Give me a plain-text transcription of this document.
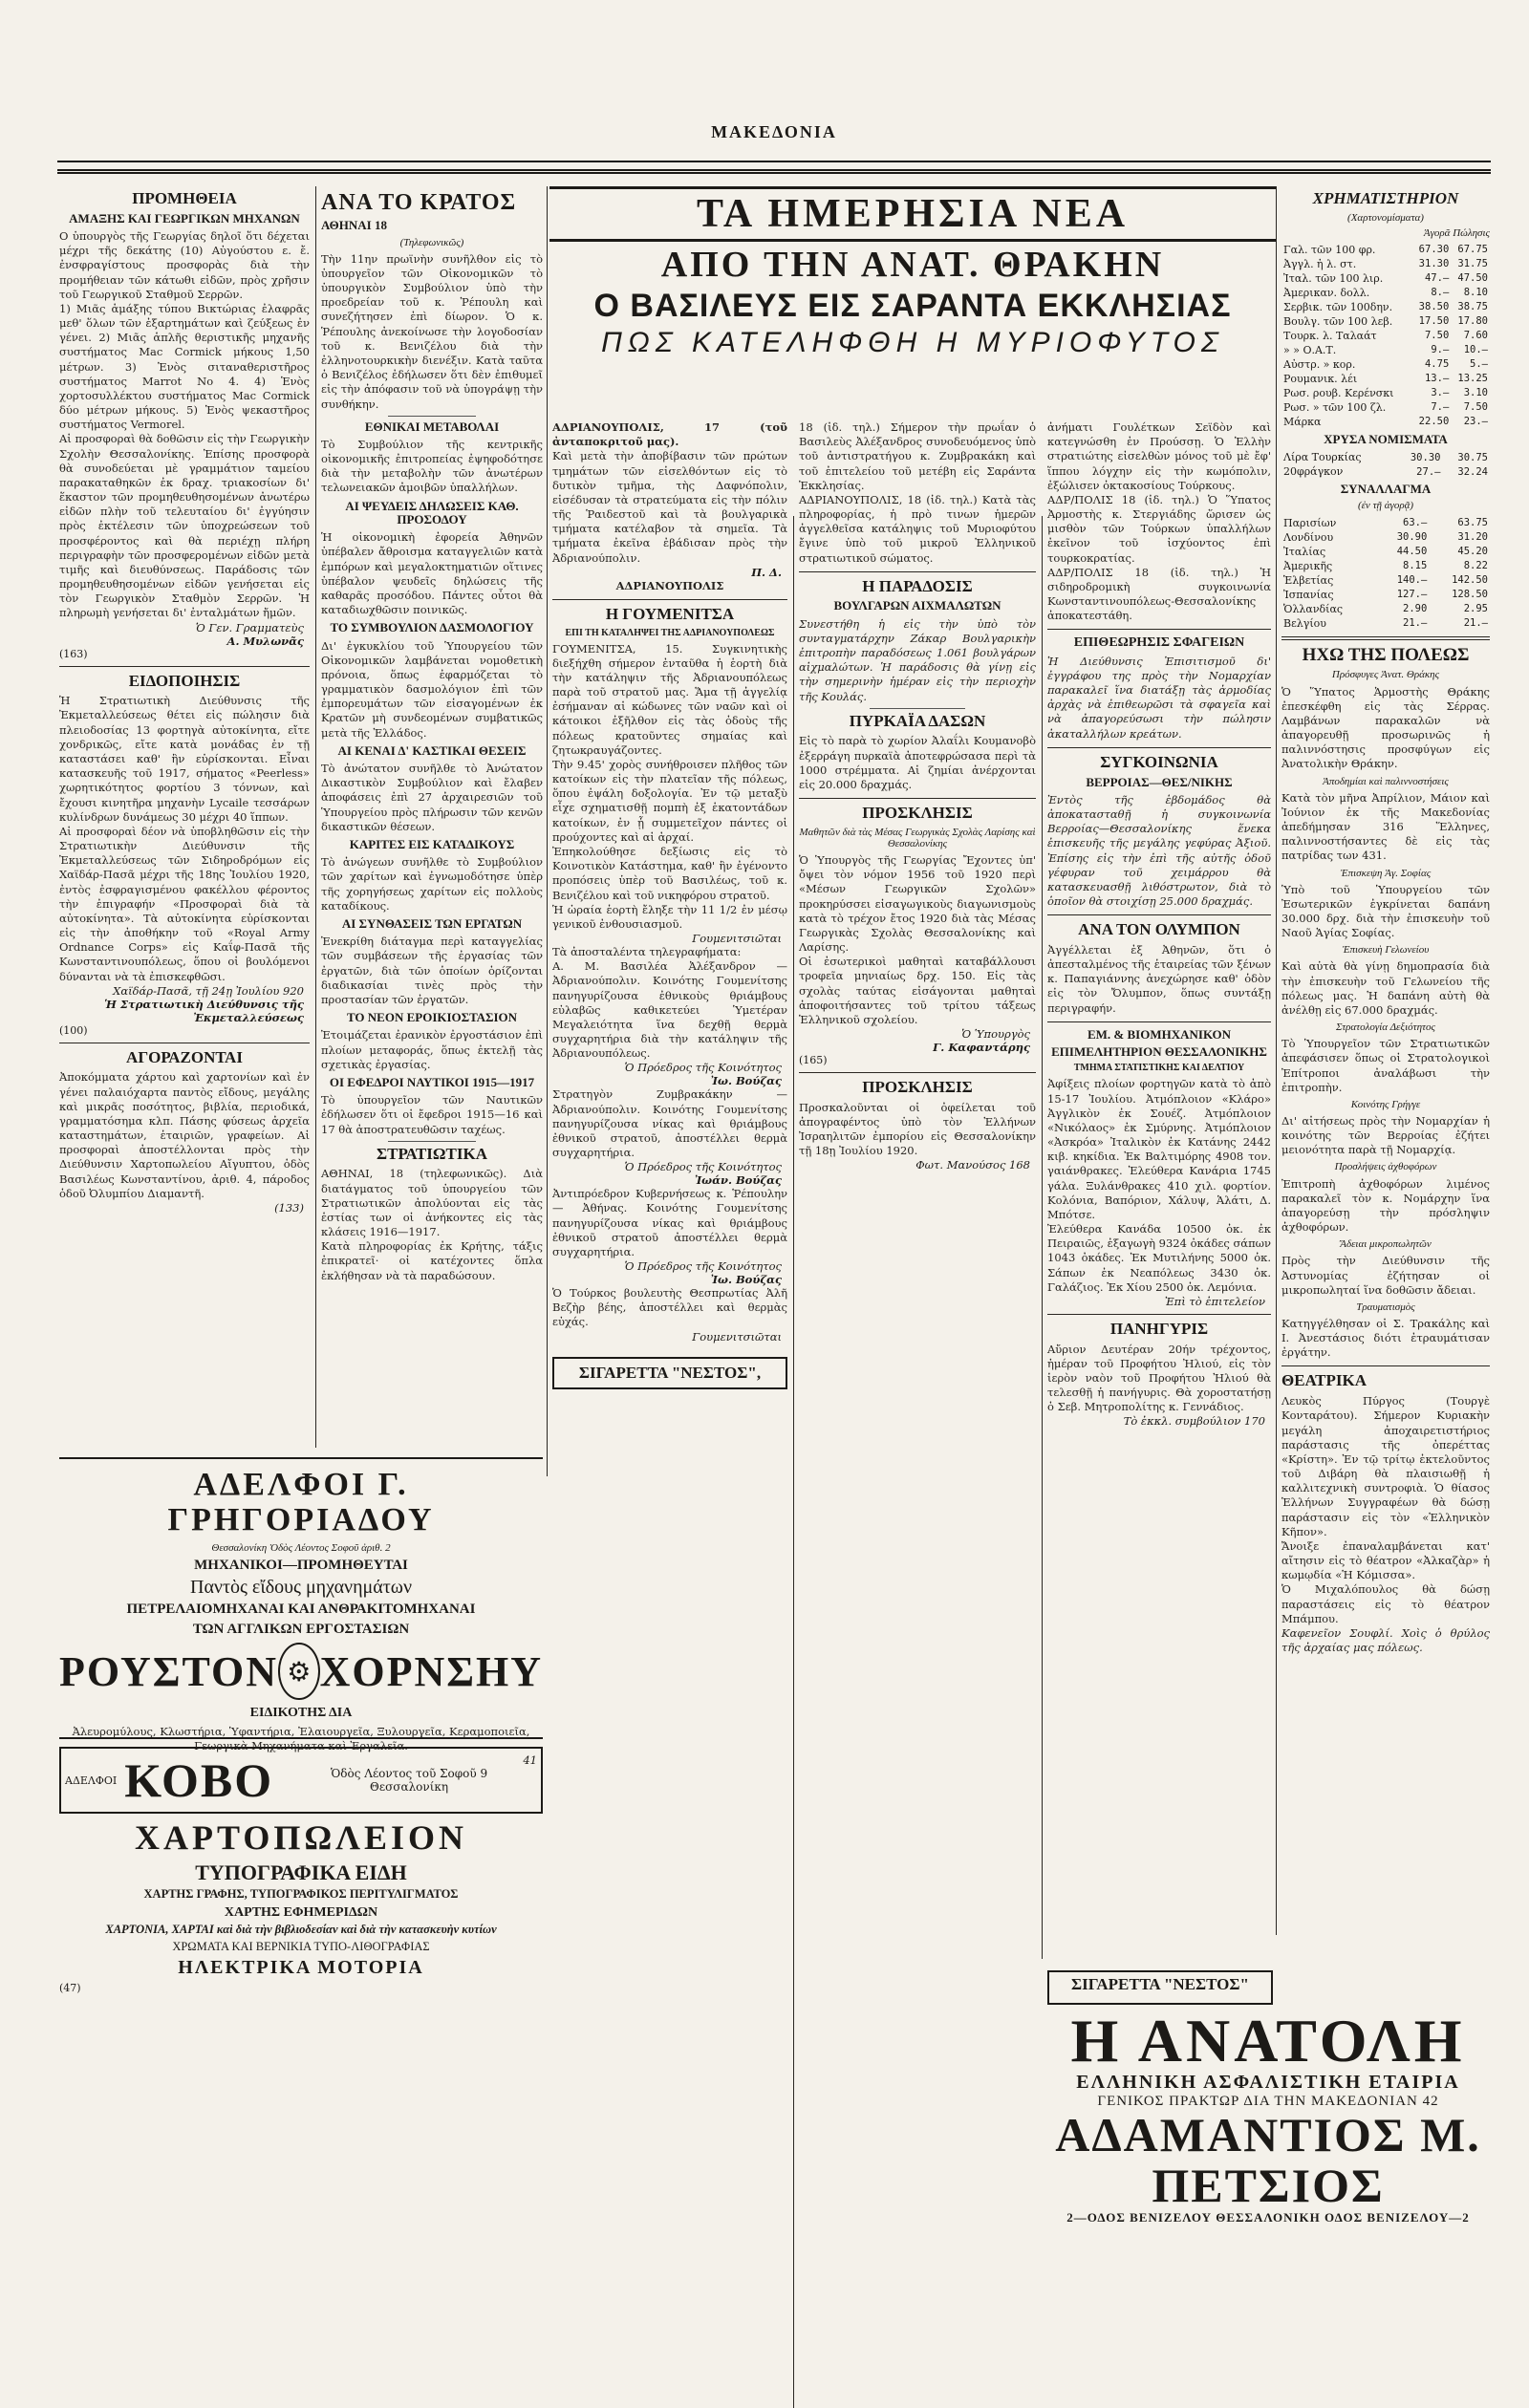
ΜΑΚΕΔΟΝΙΑ
ΠΡΟΜΗΘΕΙΑ
ΑΜΑΞΗΣ ΚΑΙ ΓΕΩΡΓΙΚΩΝ ΜΗΧΑΝΩΝ
Ο ὑπουργὸς τῆς Γεωργίας δηλοῖ ὅτι δέχεται μέχρι τῆς δεκάτης (10) Αὐγούστου ε. ἔ. ἐνσφραγίστους προσφορὰς διὰ τὴν προμήθειαν τῶν κάτωθι εἰδῶν, πρὸς χρῆσιν τοῦ Γεωργικοῦ Σταθμοῦ Σερρῶν.
1) Μιᾶς ἁμάξης τύπου Βικτώριας ἐλαφρᾶς μεθ' ὅλων τῶν ἐξαρτημάτων καὶ ζεύξεως ἐν γένει. 2) Μιᾶς ἁπλῆς θεριστικῆς μηχανῆς συστήματος Mac Cormick μήκους 1,50 μέτρων. 3) Ἑνὸς σιταναθεριστῆρος συστήματος Marrot No 4. 4) Ἑνὸς χορτοσυλλέκτου συστήματος Mac Cormick δύο μέτρων μήκους. 5) Ἑνὸς ψεκαστῆρος συστήματος Vermorel.
Αἱ προσφοραὶ θὰ δοθῶσιν εἰς τὴν Γεωργικὴν Σχολὴν Θεσσαλονίκης. Ἐπίσης προσφορὰ θὰ συνοδεύεται μὲ γραμμάτιον ταμείου παρακαταθηκῶν ἐκ δραχ. τριακοσίων δι' ἕκαστον τῶν προμηθευθησομένων ἀνωτέρω εἰδῶν πλὴν τοῦ τελευταίου δι' ἐγγύησιν πρὸς ἐκτέλεσιν τῶν ὑποχρεώσεων τοῦ προσφέροντος καὶ θὰ περιέχῃ πλήρη περιγραφὴν τῶν προσφερομένων εἰδῶν μετὰ τιμῆς καὶ διευθύνσεως. Παράδοσις τῶν προμηθευθησομένων εἰδῶν γενήσεται εἰς τὸν Γεωργικὸν Σταθμὸν Σερρῶν. Ἡ πληρωμὴ γενήσεται δι' ἐνταλμάτων ἤμῶν.
Ὁ Γεν. Γραμματεὺς
Α. Μυλωνᾶς
(163)
ΕΙΔΟΠΟΙΗΣΙΣ
Ἡ Στρατιωτικὴ Διεύθυνσις τῆς Ἐκμεταλλεύσεως θέτει εἰς πώλησιν διὰ πλειοδοσίας 13 φορτηγὰ αὐτοκίνητα, εἴτε χονδρικῶς, εἴτε κατὰ μονάδας ἐν τῇ καταστάσει καθ' ἣν εὑρίσκονται. Εἶναι κατασκευῆς τοῦ 1917, σήματος «Peerless» χωρητικότητος φορτίου 3 τόννων, καὶ ἔχουσι κινητῆρα μηχανὴν Lycaile τεσσάρων κυλίνδρων δυνάμεως 30 μέχρι 40 ἵππων.
Αἱ προσφοραὶ δέον νὰ ὑποβληθῶσιν εἰς τὴν Στρατιωτικὴν Διεύθυνσιν τῆς Ἐκμεταλλεύσεως τῶν Σιδηροδρόμων εἰς Χαϊδάρ-Πασᾶ μέχρι τῆς 18ης Ἰουλίου 1920, ἐντὸς ἐσφραγισμένου φακέλλου φέροντος τὴν ἐπιγραφήν «Προσφοραὶ διὰ τὰ αὐτοκίνητα». Τὰ αὐτοκίνητα εὑρίσκονται εἰς τὴν ἀποθήκην τοῦ «Royal Army Ordnance Corps» εἰς Καΐφ-Πασᾶ τῆς Κωνσταντινουπόλεως, ὅπου οἱ βουλόμενοι δύνανται νὰ τὰ ἐπισκεφθῶσι.
Χαϊδάρ-Πασᾶ, τῇ 24ῃ Ἰουλίου 920
Ἡ Στρατιωτικὴ Διεύθυνσις τῆς Ἐκμεταλλεύσεως
(100)
ΑΓΟΡΑΖΟΝΤΑΙ
Ἀποκόμματα χάρτου καὶ χαρτονίων καὶ ἐν γένει παλαιόχαρτα παντὸς εἴδους, μεγάλης καὶ μικρᾶς ποσότητος, βιβλία, περιοδικά, γραμματόσημα κλπ. Πάσης φύσεως ἀρχεῖα καταστημάτων, ἑταιριῶν, γραφείων. Αἱ προσφοραὶ ἀποστέλλονται πρὸς τὴν Διεύθυνσιν Χαρτοπωλείου Αἴγυπτου, ὁδὸς Βασιλέως Κωνσταντίνου, ἀριθ. 4, πάροδος ὁδοῦ Ὀλυμπίου Διαμαντῆ.
(133)
ΑΝΑ ΤΟ ΚΡΑΤΟΣ
ΑΘΗΝΑΙ 18
(Τηλεφωνικῶς)
Τὴν 11ην πρωϊνὴν συνῆλθον εἰς τὸ ὑπουργεῖον τῶν Οἰκονομικῶν τὸ ὑπουργικὸν Συμβούλιον ὑπὸ τὴν προεδρείαν τοῦ κ. Ῥέπουλη καὶ συνεζήτησεν ἐπὶ δίωρον. Ὁ κ. Ῥέπουλης ἀνεκοίνωσε τὴν λογοδοσίαν τοῦ κ. Βενιζέλου διὰ τὴν ἐλληνοτουρκικὴν διενέξιν. Κατὰ ταῦτα ὁ Βενιζέλος ἐδήλωσεν ὅτι δὲν ἐπιθυμεῖ εἰς τὴν ἀπόφασιν τοῦ νὰ ὑπογράψῃ τὴν συνθήκην.
ΕΘΝΙΚΑΙ ΜΕΤΑΒΟΛΑΙ
Τὸ Συμβούλιον τῆς κεντρικῆς οἰκονομικῆς ἐπιτροπείας ἐψηφοδότησε διὰ τὴν μεταβολὴν τῶν ἀνωτέρων τελωνειακῶν ἀμοιβῶν ὑπαλλήλων.
ΑΙ ΨΕΥΔΕΙΣ ΔΗΛΩΣΕΙΣ ΚΑΘ. ΠΡΟΣΟΔΟΥ
Ἡ οἰκονομικὴ ἐφορεία Ἀθηνῶν ὑπέβαλεν ἄθροισμα καταγγελιῶν κατὰ ἐμπόρων καὶ μεγαλοκτηματιῶν οἵτινες ὑπέβαλον ψευδεῖς δηλώσεις τῆς καθαρᾶς προσόδου. Πάντες οὗτοι θὰ καταδιωχθῶσιν ποινικῶς.
ΤΟ ΣΥΜΒΟΥΛΙΟΝ ΔΑΣΜΟΛΟΓΙΟΥ
Δι' ἐγκυκλίου τοῦ Ὑπουργείου τῶν Οἰκονομικῶν λαμβάνεται νομοθετικὴ πρόνοια, ὅπως ἐφαρμόζεται τὸ γραμματικὸν δασμολόγιον ἐπὶ τῶν ἐμπορευμάτων τῶν εἰσαγομένων ἐκ Κρατῶν μὴ συνδεομένων συμβατικῶς μετὰ τῆς Ἑλλάδος.
ΑΙ ΚΕΝΑΙ Δ' ΚΑΣΤΙΚΑΙ ΘΕΣΕΙΣ
Τὸ ἀνώτατον συνῆλθε τὸ Ἀνώτατον Δικαστικὸν Συμβούλιον καὶ ἔλαβεν ἀποφάσεις ἐπὶ 27 ἀρχαιρεσιῶν τοῦ Ὑπουργείου πρὸς πλήρωσιν τῶν κενῶν δικαστικῶν θέσεων.
ΚΑΡΙΤΕΣ ΕΙΣ ΚΑΤΑΔΙΚΟΥΣ
Τὸ ἀνώγεων συνῆλθε τὸ Συμβούλιον τῶν χαρίτων καὶ ἐγνωμοδότησε ὑπὲρ τῆς χορηγήσεως χαρίτων εἰς πολλοὺς καταδίκους.
ΑΙ ΣΥΝΘΑΣΕΙΣ ΤΩΝ ΕΡΓΑΤΩΝ
Ἐνεκρίθη διάταγμα περὶ καταγγελίας τῶν συμβάσεων τῆς ἐργασίας τῶν ἐργατῶν, διὰ τῶν ὁποίων ὁρίζονται διαδικασίαι τινὲς πρὸς τὴν προστασίαν τῶν ἐργατῶν.
ΤΟ ΝΕΟΝ ΕΡΟΙΚΙΟΣΤΑΣΙΟΝ
Ἐτοιμάζεται ἐρανικὸν ἐργοστάσιον ἐπὶ πλοίων μεταφοράς, ὅπως ἐκτελῇ τὰς σχετικὰς ἐργασίας.
ΟΙ ΕΦΕΔΡΟΙ ΝΑΥΤΙΚΟΙ 1915—1917
Τὸ ὑπουργεῖον τῶν Ναυτικῶν ἐδήλωσεν ὅτι οἱ ἔφεδροι 1915—16 καὶ 17 θὰ ἀποστρατευθῶσιν ταχέως.
ΣΤΡΑΤΙΩΤΙΚΑ
ΑΘΗΝΑΙ, 18 (τηλεφωνικῶς). Διὰ διατάγματος τοῦ ὑπουργείου τῶν Στρατιωτικῶν ἀπολύονται εἰς τὰς ἑστίας των οἱ ἀνήκοντες εἰς τὰς κλάσεις 1916—1917.
Κατὰ πληροφορίας ἐκ Κρήτης, τάξις ἐπικρατεῖ· οἱ κατέχοντες ὅπλα ἐκλήθησαν νὰ τὰ παραδώσουν.
ΤΑ ΗΜΕΡΗΣΙΑ ΝΕΑ
ΑΠΟ ΤΗΝ ΑΝΑΤ. ΘΡΑΚΗΝ
Ο ΒΑΣΙΛΕΥΣ ΕΙΣ ΣΑΡΑΝΤΑ ΕΚΚΛΗΣΙΑΣ
ΠΩΣ ΚΑΤΕΛΗΦΘΗ Η ΜΥΡΙΟΦΥΤΟΣ
ΑΔΡΙΑΝΟΥΠΟΛΙΣ, 17 (τοῦ ἀνταποκριτοῦ μας).
Καὶ μετὰ τὴν ἀποβίβασιν τῶν πρώτων τμημάτων τῶν εἰσελθόντων εἰς τὸ δυτικὸν τμῆμα, τὴς Δαφνόπολιν, εἰσέδυσαν τὰ στρατεύματα εἰς τὴν πόλιν τῆς Ῥαιδεστοῦ καὶ τὰ βουλγαρικὰ τμήματα κατέλαβον τὰ σημεῖα. Τὰ τμήματα ἐκεῖνα ἐβάδισαν πρὸς τὴν Ἀδριανούπολιν.
Π. Δ.
ΑΔΡΙΑΝΟΥΠΟΛΙΣ
Η ΓΟΥΜΕΝΙΤΣΑ
ΕΠΙ ΤΗ ΚΑΤΑΛΗΨΕΙ ΤΗΣ ΑΔΡΙΑΝΟΥΠΟΛΕΩΣ
ΓΟΥΜΕΝΙΤΣΑ, 15. Συγκινητικὴς διεξήχθη σήμερον ἐνταῦθα ἡ ἑορτὴ διὰ τὴν κατάληψιν τῆς Ἀδριανουπόλεως παρὰ τοῦ στρατοῦ μας. Ἅμα τῇ ἀγγελίᾳ ἐσήμαναν αἱ κώδωνες τῶν ναῶν καὶ οἱ κάτοικοι ἐξῆλθον εἰς τὰς ὁδοὺς τῆς πόλεως κρατοῦντες σημαίας καὶ ζητωκραυγάζοντες.
Τὴν 9.45' χορὸς συνήθροισεν πλῆθος τῶν κατοίκων εἰς τὴν πλατεῖαν τῆς πόλεως, ὅπου ἐψάλη δοξολογία. Ἐν τῷ μεταξὺ εἶχε σχηματισθῇ πομπὴ ἐξ ἑκατοντάδων κατοίκων, ἐν ᾗ συμμετεῖχον πάντες οἱ προύχοντες καὶ αἱ ἀρχαί.
Ἐπηκολούθησε δεξίωσις εἰς τὸ Κοινοτικὸν Κατάστημα, καθ' ἣν ἐγένοντο προπόσεις ὑπὲρ τοῦ Βασιλέως, τοῦ κ. Βενιζέλου καὶ τοῦ νικηφόρου στρατοῦ.
Ἡ ὡραία ἑορτὴ ἔληξε τὴν 11 1/2 ἐν μέσῳ γενικοῦ ἐνθουσιασμοῦ.
Γουμενιτσιῶται
Τὰ ἀποσταλέντα τηλεγραφήματα:
Α. Μ. Βασιλέα Ἀλέξανδρον — Ἀδριανούπολιν. Κοινότης Γουμενίτσης πανηγυρίζουσα ἐθνικοὺς θριάμβους εὐλαβῶς καθικετεύει Ὑμετέραν Μεγαλειότητα ἵνα δεχθῇ θερμὰ συγχαρητήρια διὰ τὴν κατάληψιν τῆς Ἀδριανουπόλεως.
Ὁ Πρόεδρος τῆς Κοινότητος
Ἰω. Βούζας
Στρατηγὸν Ζυμβρακάκην — Ἀδριανούπολιν. Κοινότης Γουμενίτσης πανηγυρίζουσα νίκας καὶ θριάμβους ἐθνικοῦ στρατοῦ, ἀποστέλλει θερμὰ συγχαρητήρια.
Ὁ Πρόεδρος τῆς Κοινότητος
Ἰωάν. Βούζας
Ἀντιπρόεδρον Κυβερνήσεως κ. Ῥέπουλην — Ἀθήνας. Κοινότης Γουμενίτσης πανηγυρίζουσα νίκας καὶ θριάμβους ἐθνικοῦ στρατοῦ ἀποστέλλει θερμὰ συγχαρητήρια.
Ὁ Πρόεδρος τῆς Κοινότητος
Ἰω. Βούζας
Ὁ Τούρκος βουλευτὴς Θεσπρωτίας Ἀλῆ Βεζὴρ βέης, ἀποστέλλει καὶ θερμὰς εὐχάς.
Γουμενιτσιῶται
ΣΙΓΑΡΕΤΤΑ "ΝΕΣΤΟΣ",
18 (ἰδ. τηλ.) Σήμερον τὴν πρωΐαν ὁ Βασιλεὺς Ἀλέξανδρος συνοδευόμενος ὑπὸ τοῦ ἀντιστρατήγου κ. Ζυμβρακάκη καὶ τοῦ ἐπιτελείου τοῦ μετέβη εἰς Σαράντα Ἐκκλησίας.
ΑΔΡΙΑΝΟΥΠΟΛΙΣ, 18 (ἰδ. τηλ.) Κατὰ τὰς πληροφορίας, ἡ πρὸ τινων ἡμερῶν ἀγγελθεῖσα κατάληψις τοῦ Μυριοφύτου ἔγινε ὑπὸ τοῦ μικροῦ Ἑλληνικοῦ στρατιωτικοῦ σώματος.
Η ΠΑΡΑΔΟΣΙΣ
ΒΟΥΛΓΑΡΩΝ ΑΙΧΜΑΛΩΤΩΝ
Συνεστήθη ἡ εἰς τὴν ὑπὸ τὸν συνταγματάρχην Ζάκαρ Βουλγαρικὴν ἐπιτροπὴν παραδόσεως 1.061 βουλγάρων αἰχμαλώτων. Ἡ παράδοσις θὰ γίνῃ εἰς τὴν σημερινὴν ἡμέραν εἰς τὴν περιοχὴν τῆς Κουλάς.
ΠΥΡΚΑΪΑ ΔΑΣΩΝ
Εἰς τὸ παρὰ τὸ χωρίον Ἀλαΐλι Κουμανοβὸ ἐξερράγη πυρκαϊὰ ἀποτεφρώσασα περὶ τὰ 1000 στρέμματα. Αἱ ζημίαι ἀνέρχονται εἰς 20.000 δραχμάς.
ΠΡΟΣΚΛΗΣΙΣ
Μαθητῶν διὰ τὰς Μέσας Γεωργικὰς Σχολὰς Λαρίσης καὶ Θεσσαλονίκης
Ὁ Ὑπουργὸς τῆς Γεωργίας Ἔχοντες ὑπ' ὄψει τὸν νόμον 1956 τοῦ 1920 περὶ «Μέσων Γεωργικῶν Σχολῶν» προκηρύσσει εἰσαγωγικοὺς διαγωνισμοὺς κατὰ τὸ τρέχον ἔτος 1920 διὰ τὰς Μέσας Γεωργικὰς Σχολὰς Θεσσαλονίκης καὶ Λαρίσης.
Οἱ ἐσωτερικοὶ μαθηταὶ καταβάλλουσι τροφεῖα μηνιαίως δρχ. 150. Εἰς τὰς σχολὰς ταύτας εἰσάγονται μαθηταὶ ἀποφοιτήσαντες τοῦ τρίτου τάξεως Ἑλληνικοῦ σχολείου.
Ὁ Ὑπουργὸς
Γ. Καφαντάρης
(165)
ΠΡΟΣΚΛΗΣΙΣ
Προσκαλοῦνται οἱ ὀφείλεται τοῦ ἀπογραφέντος ὑπὸ τὸν Ἑλλήνων Ἰσραηλιτῶν ἐμπορίου εἰς Θεσσαλονίκην τῇ 18ῃ Ἰουλίου 1920.
Φωτ. Μανούσος 168
ἀνήματι Γουλέτκων Σεϊδὸν καὶ κατεγνώσθη ἐν Προύσσῃ. Ὁ Ἑλλὴν στρατιώτης εἰσελθὼν μόνος τοῦ μὲ ἔφ' ἵππου λόγχην εἰς τὴν κωμόπολιν, ἐξώλισεν ὀκτακοσίους Τούρκους.
ΑΔΡ/ΠΟΛΙΣ 18 (ἰδ. τηλ.) Ὁ Ὕπατος Ἀρμοστὴς κ. Στεργιάδης ὥρισεν ὡς μισθὸν τῶν Τούρκων ὑπαλλήλων ἐκεῖνον τοῦ ἰσχύοντος ἐπὶ τουρκοκρατίας.
ΑΔΡ/ΠΟΛΙΣ 18 (ἰδ. τηλ.) Ἡ σιδηροδρομικὴ συγκοινωνία Κωνσταντινουπόλεως-Θεσσαλονίκης ἀποκατεστάθη.
ΕΠΙΘΕΩΡΗΣΙΣ ΣΦΑΓΕΙΩΝ
Ἡ Διεύθυνσις Ἐπισιτισμοῦ δι' ἐγγράφου της πρὸς τὴν Νομαρχίαν παρακαλεῖ ἵνα διατάξῃ τὰς ἁρμοδίας ἀρχὰς νὰ ἐπιθεωρῶσι τὰ σφαγεῖα καὶ νὰ ἀπαγορεύσωσι τὴν πώλησιν ἀκαταλλήλων κρεάτων.
ΣΥΓΚΟΙΝΩΝΙΑ
ΒΕΡΡΟΙΑΣ—ΘΕΣ/ΝΙΚΗΣ
Ἐντὸς τῆς ἑβδομάδος θὰ ἀποκατασταθῇ ἡ συγκοινωνία Βερροίας—Θεσσαλονίκης ἕνεκα ἐπισκευῆς τῆς μεγάλης γεφύρας Ἀξιοῦ. Ἐπίσης εἰς τὴν ἐπὶ τῆς αὐτῆς ὁδοῦ γέφυραν τοῦ χειμάρρου θὰ κατασκευασθῇ λιθόστρωτον, διὰ τὸ ὁποῖον θὰ στοιχίσῃ 25.000 δραχμάς.
ΑΝΑ ΤΟΝ ΟΛΥΜΠΟΝ
Ἀγγέλλεται ἐξ Ἀθηνῶν, ὅτι ὁ ἀπεσταλμένος τῆς ἑταιρείας τῶν ξένων κ. Παπαγιάννης ἀνεχώρησε καθ' ὁδὸν εἰς τὸν Ὄλυμπον, ὅπως συντάξῃ περιγραφήν.
ΕΜ. & ΒΙΟΜΗΧΑΝΙΚΟΝ
ΕΠΙΜΕΛΗΤΗΡΙΟΝ ΘΕΣΣΑΛΟΝΙΚΗΣ
ΤΜΗΜΑ ΣΤΑΤΙΣΤΙΚΗΣ ΚΑΙ ΔΕΛΤΙΟΥ
Ἀφίξεις πλοίων φορτηγῶν κατὰ τὸ ἀπὸ 15-17 Ἰουλίου. Ἀτμόπλοιον «Κλάρο» Ἀγγλικὸν ἐκ Σουέζ. Ἀτμόπλοιον «Νικόλαος» ἐκ Σμύρνης. Ἀτμόπλοιον «Ἀσκρόα» Ἰταλικὸν ἐκ Κατάνης 2442 κιβ. κηκίδια. Ἐκ Βαλτιμόρης 4908 τον. γαιάνθρακες. Ἐλεύθερα Κανάρια 1745 γάλα. Ξυλάνθρακες 410 χιλ. φορτίον. Κολόνια, Βαπόριον, Χάλυψ, Ἁλάτι, Δ. Μπότσε.
Ἐλεύθερα Κανάδα 10500 ὀκ. ἐκ Πειραιῶς, ἐξαγωγὴ 9324 ὀκάδες σάπων 1043 ὀκάδες. Ἐκ Μυτιλήνης 5000 ὀκ. Σάπων ἐκ Νεαπόλεως 3430 ὀκ. Γαλάζιος. Ἐκ Χίου 2500 ὀκ. Λεμόνια.
Ἐπὶ τὸ ἐπιτελείον
ΠΑΝΗΓΥΡΙΣ
Αὔριον Δευτέραν 20ήν τρέχοντος, ἡμέραν τοῦ Προφήτου Ἠλιού, εἰς τὸν ἱερὸν ναὸν τοῦ Προφήτου Ἠλιού θὰ τελεσθῇ ἡ πανήγυρις. Θὰ χοροστατήσῃ ὁ Σεβ. Μητροπολίτης κ. Γεννάδιος.
Τὸ ἐκκλ. συμβούλιον 170
ΧΡΗΜΑΤΙΣΤΗΡΙΟΝ
(Χαρτονομίσματα)
Ἀγορᾶ Πώλησις
Γαλ. τῶν 100 φρ.	67.30	67.75
Ἀγγλ. ἡ λ. στ.	31.30	31.75
Ἰταλ. τῶν 100 λιρ.	47.—	47.50
Ἀμερικαν. δολλ.	8.—	8.10
Σερβικ. τῶν 100δην.	38.50	38.75
Βουλγ. τῶν 100 λεβ.	17.50	17.80
Τουρκ. λ. Ταλαάτ	7.50	7.60
» » Ο.Α.Τ.	9.—	10.—
Αὐστρ. » κορ.	4.75	5.—
Ρουμανικ. λέι	13.—	13.25
Ρωσ. ρουβ. Κερένσκι	3.—	3.10
Ρωσ. » τῶν 100 ζλ.	7.—	7.50
Μάρκα	22.50	23.—
ΧΡΥΣΑ ΝΟΜΙΣΜΑΤΑ
Λίρα Τουρκίας	30.30	30.75
20φράγκον	27.—	32.24
ΣΥΝΑΛΛΑΓΜΑ
(ἐν τῇ ἀγορᾷ)
Παρισίων	63.—	63.75
Λονδίνου	30.90	31.20
Ἰταλίας	44.50	45.20
Ἀμερικῆς	8.15	8.22
Ἑλβετίας	140.—	142.50
Ἰσπανίας	127.—	128.50
Ὁλλανδίας	2.90	2.95
Βελγίου	21.—	21.—
ΗΧΩ ΤΗΣ ΠΟΛΕΩΣ
Πρόσφυγες Ἀνατ. Θράκης
Ὁ Ὕπατος Ἁρμοστὴς Θράκης ἐπεσκέφθη εἰς τὰς Σέρρας. Λαμβάνων παρακαλῶν νὰ ἀπαγορευθῇ προσωρινῶς ἡ παλιννόστησις προσφύγων εἰς Ἀνατολικὴν Θράκην.
Ἀποδημίαι καὶ παλιννοστήσεις
Κατὰ τὸν μῆνα Ἀπρίλιον, Μάιον καὶ Ἰούνιον ἐκ τῆς Μακεδονίας ἀπεδήμησαν 316 Ἕλληνες, παλιννοστήσαντες δὲ εἰς τὰς πατρίδας των 431.
Ἐπισκεψη Ἁγ. Σοφίας
Ὑπὸ τοῦ Ὑπουργείου τῶν Ἐσωτερικῶν ἐγκρίνεται δαπάνη 30.000 δρχ. διὰ τὴν ἐπισκευὴν τοῦ Ναοῦ Ἁγίας Σοφίας.
Ἐπισκευὴ Γελωνείου
Καὶ αὐτὰ θὰ γίνῃ δημοπρασία διὰ τὴν ἐπισκευὴν τοῦ Γελωνείου τῆς πόλεως μας. Ἡ δαπάνη αὐτὴ θὰ ἀνέλθῃ εἰς 67.000 δραχμάς.
Στρατολογία Δεξιότητος
Τὸ Ὑπουργεῖον τῶν Στρατιωτικῶν ἀπεφάσισεν ὅπως οἱ Στρατολογικοὶ Ἐπίτροποι ἀναλάβωσι τὴν ἐπιτροπὴν.
Κοινότης Γρήγγε
Δι' αἰτήσεως πρὸς τὴν Νομαρχίαν ἡ κοινότης τῶν Βερροίας ἐζήτει μειονότητα παρὰ τῇ Νομαρχίᾳ.
Προσλήψεις ἀχθοφόρων
Ἐπιτροπὴ ἀχθοφόρων λιμένος παρακαλεῖ τὸν κ. Νομάρχην ἵνα ἀπαγορεύσῃ τὴν πρόσληψιν ἀχθοφόρων.
Ἄδειαι μικροπωλητῶν
Πρὸς τὴν Διεύθυνσιν τῆς Ἀστυνομίας ἐζήτησαν οἱ μικροπωληταί ἵνα δοθῶσιν ἄδειαι.
Τραυματισμὸς
Κατηγγέλθησαν οἱ Σ. Τρακάλης καὶ Ι. Ἀνεστάσιος διότι ἐτραυμάτισαν ἐργάτην.
ΘΕΑΤΡΙΚΑ
Λευκὸς Πύργος (Τουργὲ Κονταράτου). Σήμερον Κυριακὴν μεγάλη ἀποχαιρετιστήριος παράστασις τῆς ὀπερέττας «Κρίστη». Ἐν τῷ τρίτῳ ἐκτελοῦντος τοῦ Διβάρη θὰ πλαισιωθῇ ἡ καλλιτεχνικὴ συντροφιὰ. Ὁ θίασος Ἑλλήνων Συγγραφέων θὰ δώσῃ παράστασιν εἰς τὸν «Ἑλληνικὸν Κῆπον».
Ἄνοιξε ἐπαναλαμβάνεται κατ' αἴτησιν εἰς τὸ θέατρον «Ἀλκαζὰρ» ἡ κωμῳδία «Ἡ Κόμισσα».
Ὁ Μιχαλόπουλος θὰ δώσῃ παραστάσεις εἰς τὸ θέατρον Μπάμπου.
Καφενεῖον Σουφλί. Χοὶς ὁ θρύλος τῆς ἀρχαίας μας πόλεως.
ΑΔΕΛΦΟΙ Γ. ΓΡΗΓΟΡΙΑΔΟΥ
Θεσσαλονίκη Ὁδὸς Λέοντος Σοφοῦ ἀριθ. 2
ΜΗΧΑΝΙΚΟΙ—ΠΡΟΜΗΘΕΥΤΑΙ
Παντὸς εἴδους μηχανημάτων
ΠΕΤΡΕΛΑΙΟΜΗΧΑΝΑΙ ΚΑΙ ΑΝΘΡΑΚΙΤΟΜΗΧΑΝΑΙ
ΤΩΝ ΑΓΓΛΙΚΩΝ ΕΡΓΟΣΤΑΣΙΩΝ
ΡΟΥΣΤΟΝ ⚙ ΧΟΡΝΣΗΥ
ΕΙΔΙΚΟΤΗΣ ΔΙΑ
Ἀλευρομύλους, Κλωστήρια, Ὑφαντήρια, Ἐλαιουργεῖα, Ξυλουργεῖα, Κεραμοποιεῖα, Γεωργικὰ Μηχανήματα καὶ Ἐργαλεῖα.
41
ΑΔΕΛΦΟΙ ΚΟΒΟ	Ὁδὸς Λέοντος τοῦ Σοφοῦ 9
Θεσσαλονίκη
ΧΑΡΤΟΠΩΛΕΙΟΝ
ΤΥΠΟΓΡΑΦΙΚΑ ΕΙΔΗ
ΧΑΡΤΗΣ ΓΡΑΦΗΣ, ΤΥΠΟΓΡΑΦΙΚΟΣ ΠΕΡΙΤΥΛΙΓΜΑΤΟΣ
ΧΑΡΤΗΣ ΕΦΗΜΕΡΙΔΩΝ
ΧΑΡΤΟΝΙΑ, ΧΑΡΤΑΙ καὶ διὰ τὴν βιβλιοδεσίαν καὶ διὰ τὴν κατασκευὴν κυτίων
ΧΡΩΜΑΤΑ ΚΑΙ ΒΕΡΝΙΚΙΑ ΤΥΠΟ-ΛΙΘΟΓΡΑΦΙΑΣ
ΗΛΕΚΤΡΙΚΑ ΜΟΤΟΡΙΑ
(47)	ΣΙΓΑΡΕΤΤΑ "ΝΕΣΤΟΣ"
Η ΑΝΑΤΟΛΗ
ΕΛΛΗΝΙΚΗ ΑΣΦΑΛΙΣΤΙΚΗ ΕΤΑΙΡΙΑ
ΓΕΝΙΚΟΣ ΠΡΑΚΤΩΡ ΔΙΑ ΤΗΝ ΜΑΚΕΔΟΝΙΑΝ 42
ΑΔΑΜΑΝΤΙΟΣ Μ. ΠΕΤΣΙΟΣ
2—ΟΔΟΣ ΒΕΝΙΖΕΛΟΥ ΘΕΣΣΑΛΟΝΙΚΗ ΟΔΟΣ ΒΕΝΙΖΕΛΟΥ—2
